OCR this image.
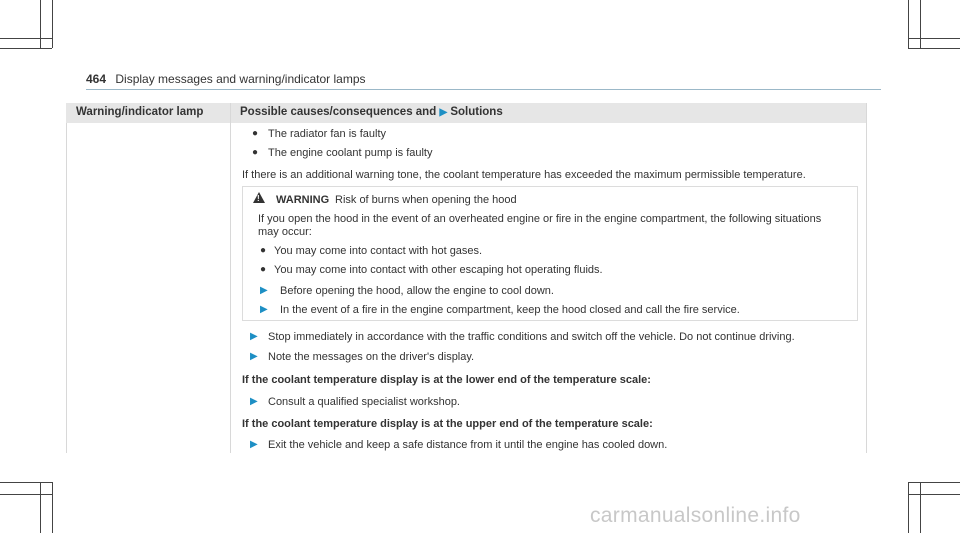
464 Display messages and warning/indicator lamps
Warning/indicator lamp	Possible causes/consequences and ▶ Solutions
● The radiator fan is faulty
● The engine coolant pump is faulty
If there is an additional warning tone, the coolant temperature has exceeded the maximum permissible temperature.
!
WARNING Risk of burns when opening the hood
If you open the hood in the event of an overheated engine or fire in the engine compartment, the following situations
may occur:
● You may come into contact with hot gases.
● You may come into contact with other escaping hot operating fluids.
▶ Before opening the hood, allow the engine to cool down.
▶ In the event of a fire in the engine compartment, keep the hood closed and call the fire service.
▶ Stop immediately in accordance with the traffic conditions and switch off the vehicle. Do not continue driving.
▶ Note the messages on the driver's display.
If the coolant temperature display is at the lower end of the temperature scale:
▶ Consult a qualified specialist workshop.
If the coolant temperature display is at the upper end of the temperature scale:
▶ Exit the vehicle and keep a safe distance from it until the engine has cooled down.
carmanualsonline.info
